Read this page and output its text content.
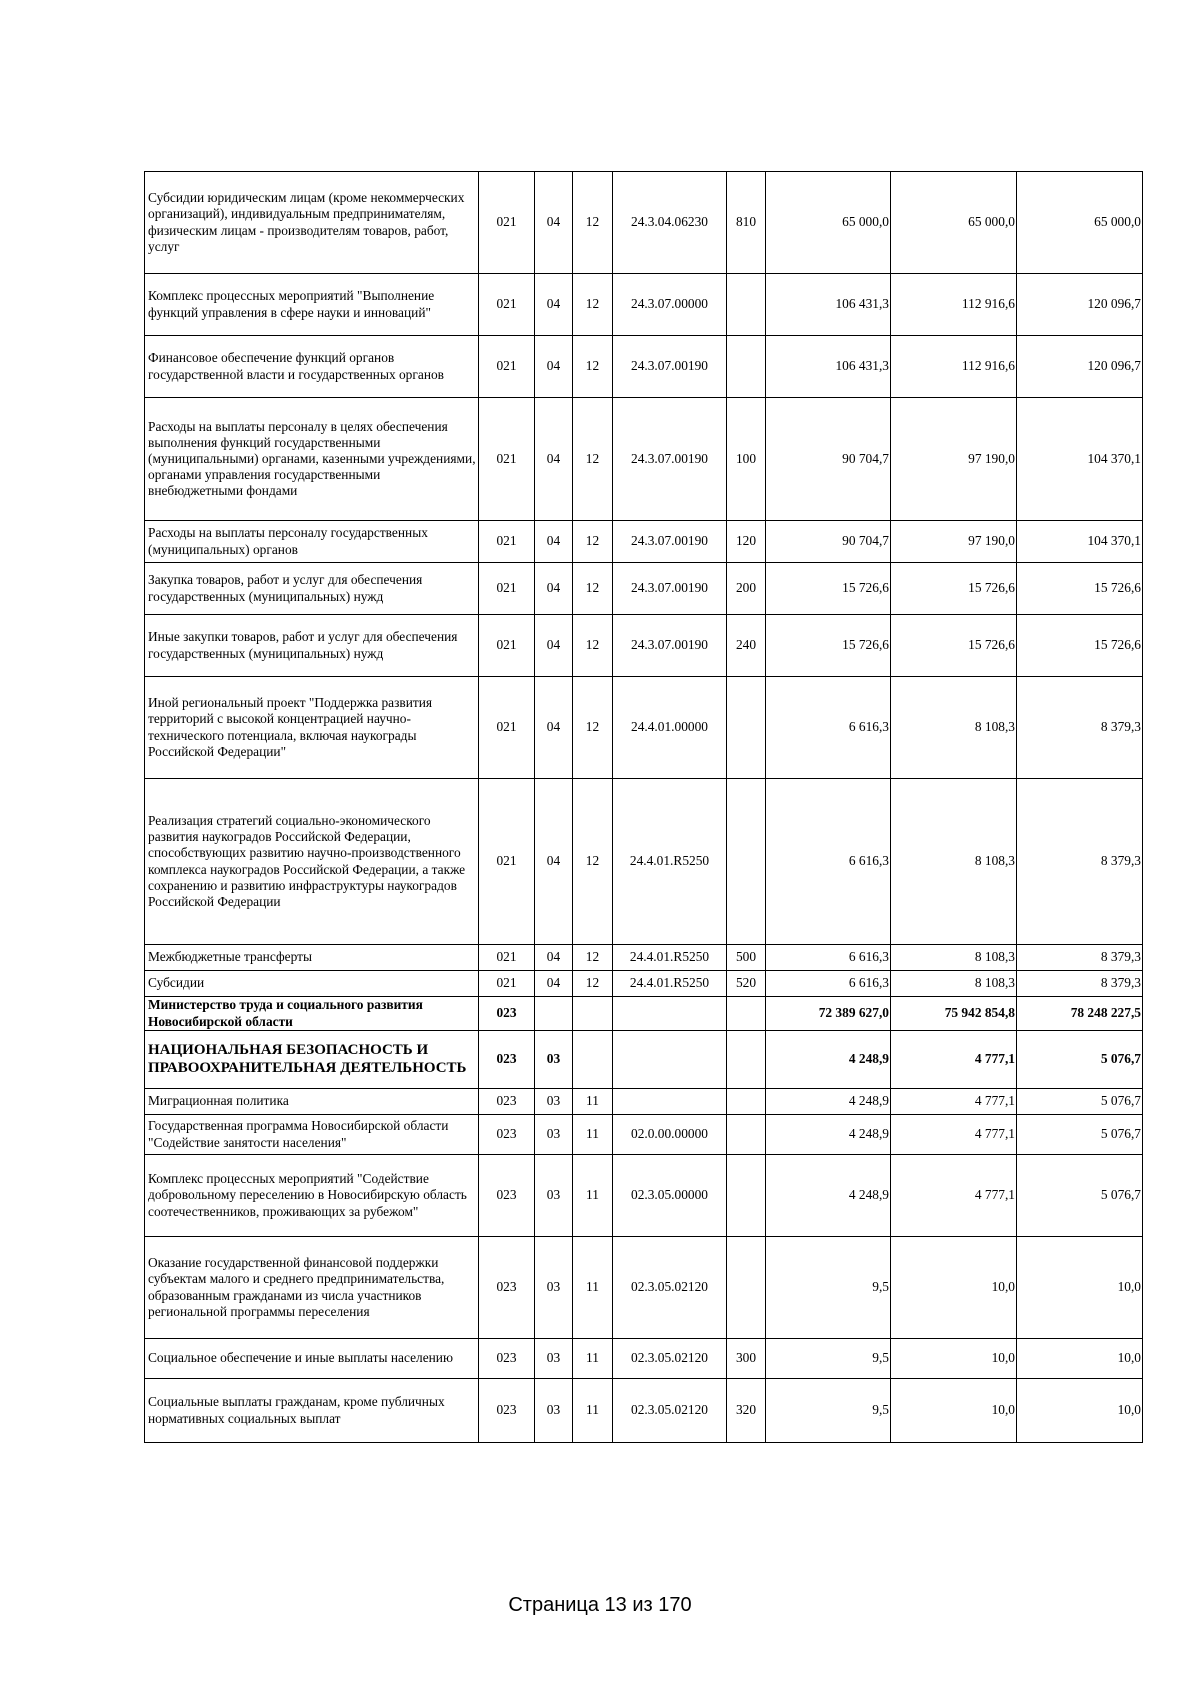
Субсидии юридическим лицам (кроме некоммерческих организаций), индивидуальным предпринимателям, физическим лицам - производителям товаров, работ, услуг	021	04	12	24.3.04.06230	810	65 000,0	65 000,0	65 000,0
Комплекс процессных мероприятий "Выполнение функций управления в сфере науки и инноваций"	021	04	12	24.3.07.00000		106 431,3	112 916,6	120 096,7
Финансовое обеспечение функций органов государственной власти и государственных органов	021	04	12	24.3.07.00190		106 431,3	112 916,6	120 096,7
Расходы на выплаты персоналу в целях обеспечения выполнения функций государственными (муниципальными) органами, казенными учреждениями, органами управления государственными внебюджетными фондами	021	04	12	24.3.07.00190	100	90 704,7	97 190,0	104 370,1
Расходы на выплаты персоналу государственных (муниципальных) органов	021	04	12	24.3.07.00190	120	90 704,7	97 190,0	104 370,1
Закупка товаров, работ и услуг для обеспечения государственных (муниципальных) нужд	021	04	12	24.3.07.00190	200	15 726,6	15 726,6	15 726,6
Иные закупки товаров, работ и услуг для обеспечения государственных (муниципальных) нужд	021	04	12	24.3.07.00190	240	15 726,6	15 726,6	15 726,6
Иной региональный проект "Поддержка развития территорий с высокой концентрацией научно-технического потенциала, включая наукограды Российской Федерации"	021	04	12	24.4.01.00000		6 616,3	8 108,3	8 379,3
Реализация стратегий социально-экономического развития наукоградов Российской Федерации, способствующих развитию научно-производственного комплекса наукоградов Российской Федерации, а также сохранению и развитию инфраструктуры наукоградов Российской Федерации	021	04	12	24.4.01.R5250		6 616,3	8 108,3	8 379,3
Межбюджетные трансферты	021	04	12	24.4.01.R5250	500	6 616,3	8 108,3	8 379,3
Субсидии	021	04	12	24.4.01.R5250	520	6 616,3	8 108,3	8 379,3
Министерство труда и социального развития Новосибирской области	023					72 389 627,0	75 942 854,8	78 248 227,5
НАЦИОНАЛЬНАЯ БЕЗОПАСНОСТЬ И ПРАВООХРАНИТЕЛЬНАЯ ДЕЯТЕЛЬНОСТЬ	023	03				4 248,9	4 777,1	5 076,7
Миграционная политика	023	03	11			4 248,9	4 777,1	5 076,7
Государственная программа Новосибирской области "Содействие занятости населения"	023	03	11	02.0.00.00000		4 248,9	4 777,1	5 076,7
Комплекс процессных мероприятий "Содействие добровольному переселению в Новосибирскую область соотечественников, проживающих за рубежом"	023	03	11	02.3.05.00000		4 248,9	4 777,1	5 076,7
Оказание государственной финансовой поддержки субъектам малого и среднего предпринимательства, образованным гражданами из числа участников региональной программы переселения	023	03	11	02.3.05.02120		9,5	10,0	10,0
Социальное обеспечение и иные выплаты населению	023	03	11	02.3.05.02120	300	9,5	10,0	10,0
Социальные выплаты гражданам, кроме публичных нормативных социальных выплат	023	03	11	02.3.05.02120	320	9,5	10,0	10,0
Страница 13 из 170
